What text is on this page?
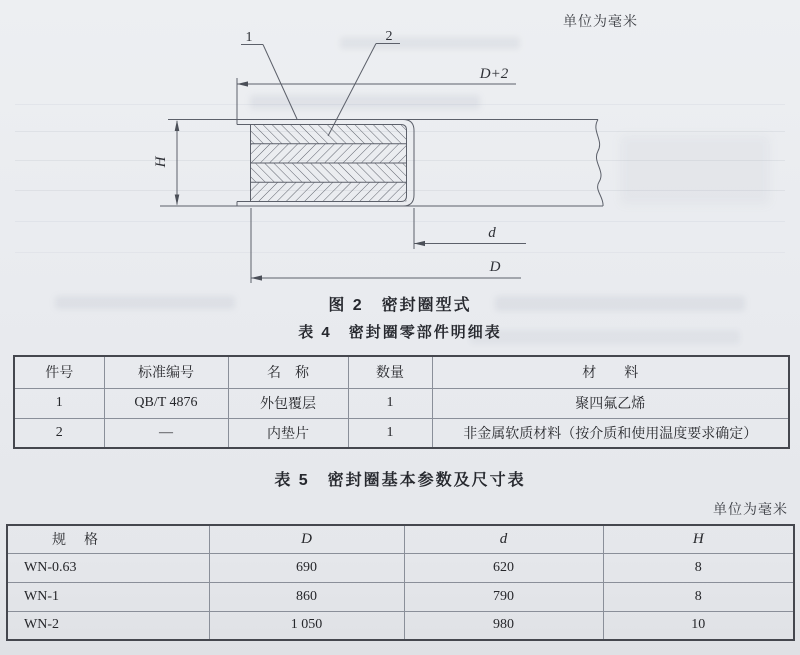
单位为毫米
1	2
D+2
H
d
D
图 2　密封圈型式
表 4　密封圈零部件明细表
件号	标准编号	名　称	数量	材　　料
1	QB/T 4876	外包覆层	1	聚四氟乙烯
2	—	内垫片	1	非金属软质材料（按介质和使用温度要求确定）
表 5　密封圈基本参数及尺寸表
单位为毫米
规　格	D	d	H
WN-0.63	690	620	8
WN-1	860	790	8
WN-2	1 050	980	10
